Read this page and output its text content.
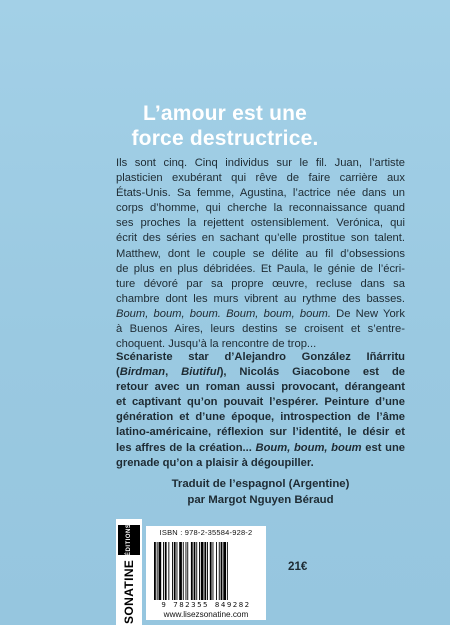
L’amour est une
force destructrice.
Ils sont cinq. Cinq individus sur le fil. Juan, l’artiste
plasticien exubérant qui rêve de faire carrière aux
États-Unis. Sa femme, Agustina, l’actrice née dans un
corps d’homme, qui cherche la reconnaissance quand
ses proches la rejettent ostensiblement. Verónica, qui
écrit des séries en sachant qu’elle prostitue son talent.
Matthew, dont le couple se délite au fil d’obsessions
de plus en plus débridées. Et Paula, le génie de l’écri-
ture dévoré par sa propre œuvre, recluse dans sa
chambre dont les murs vibrent au rythme des basses.
Boum, boum, boum. Boum, boum, boum. De New York
à Buenos Aires, leurs destins se croisent et s’entre-
choquent. Jusqu’à la rencontre de trop...
Scénariste star d’Alejandro González Iñárritu
(Birdman, Biutiful), Nicolás Giacobone est de
retour avec un roman aussi provocant, dérangeant
et captivant qu’on pouvait l’espérer. Peinture d’une
génération et d’une époque, introspection de l’âme
latino-américaine, réflexion sur l’identité, le désir et
les affres de la création... Boum, boum, boum est une
grenade qu’on a plaisir à dégoupiller.
Traduit de l’espagnol (Argentine)
par Margot Nguyen Béraud
ÉDITIONS
SONATINE
ISBN : 978-2-35584-928-2
9 782355 849282
www.lisezsonatine.com
21€
